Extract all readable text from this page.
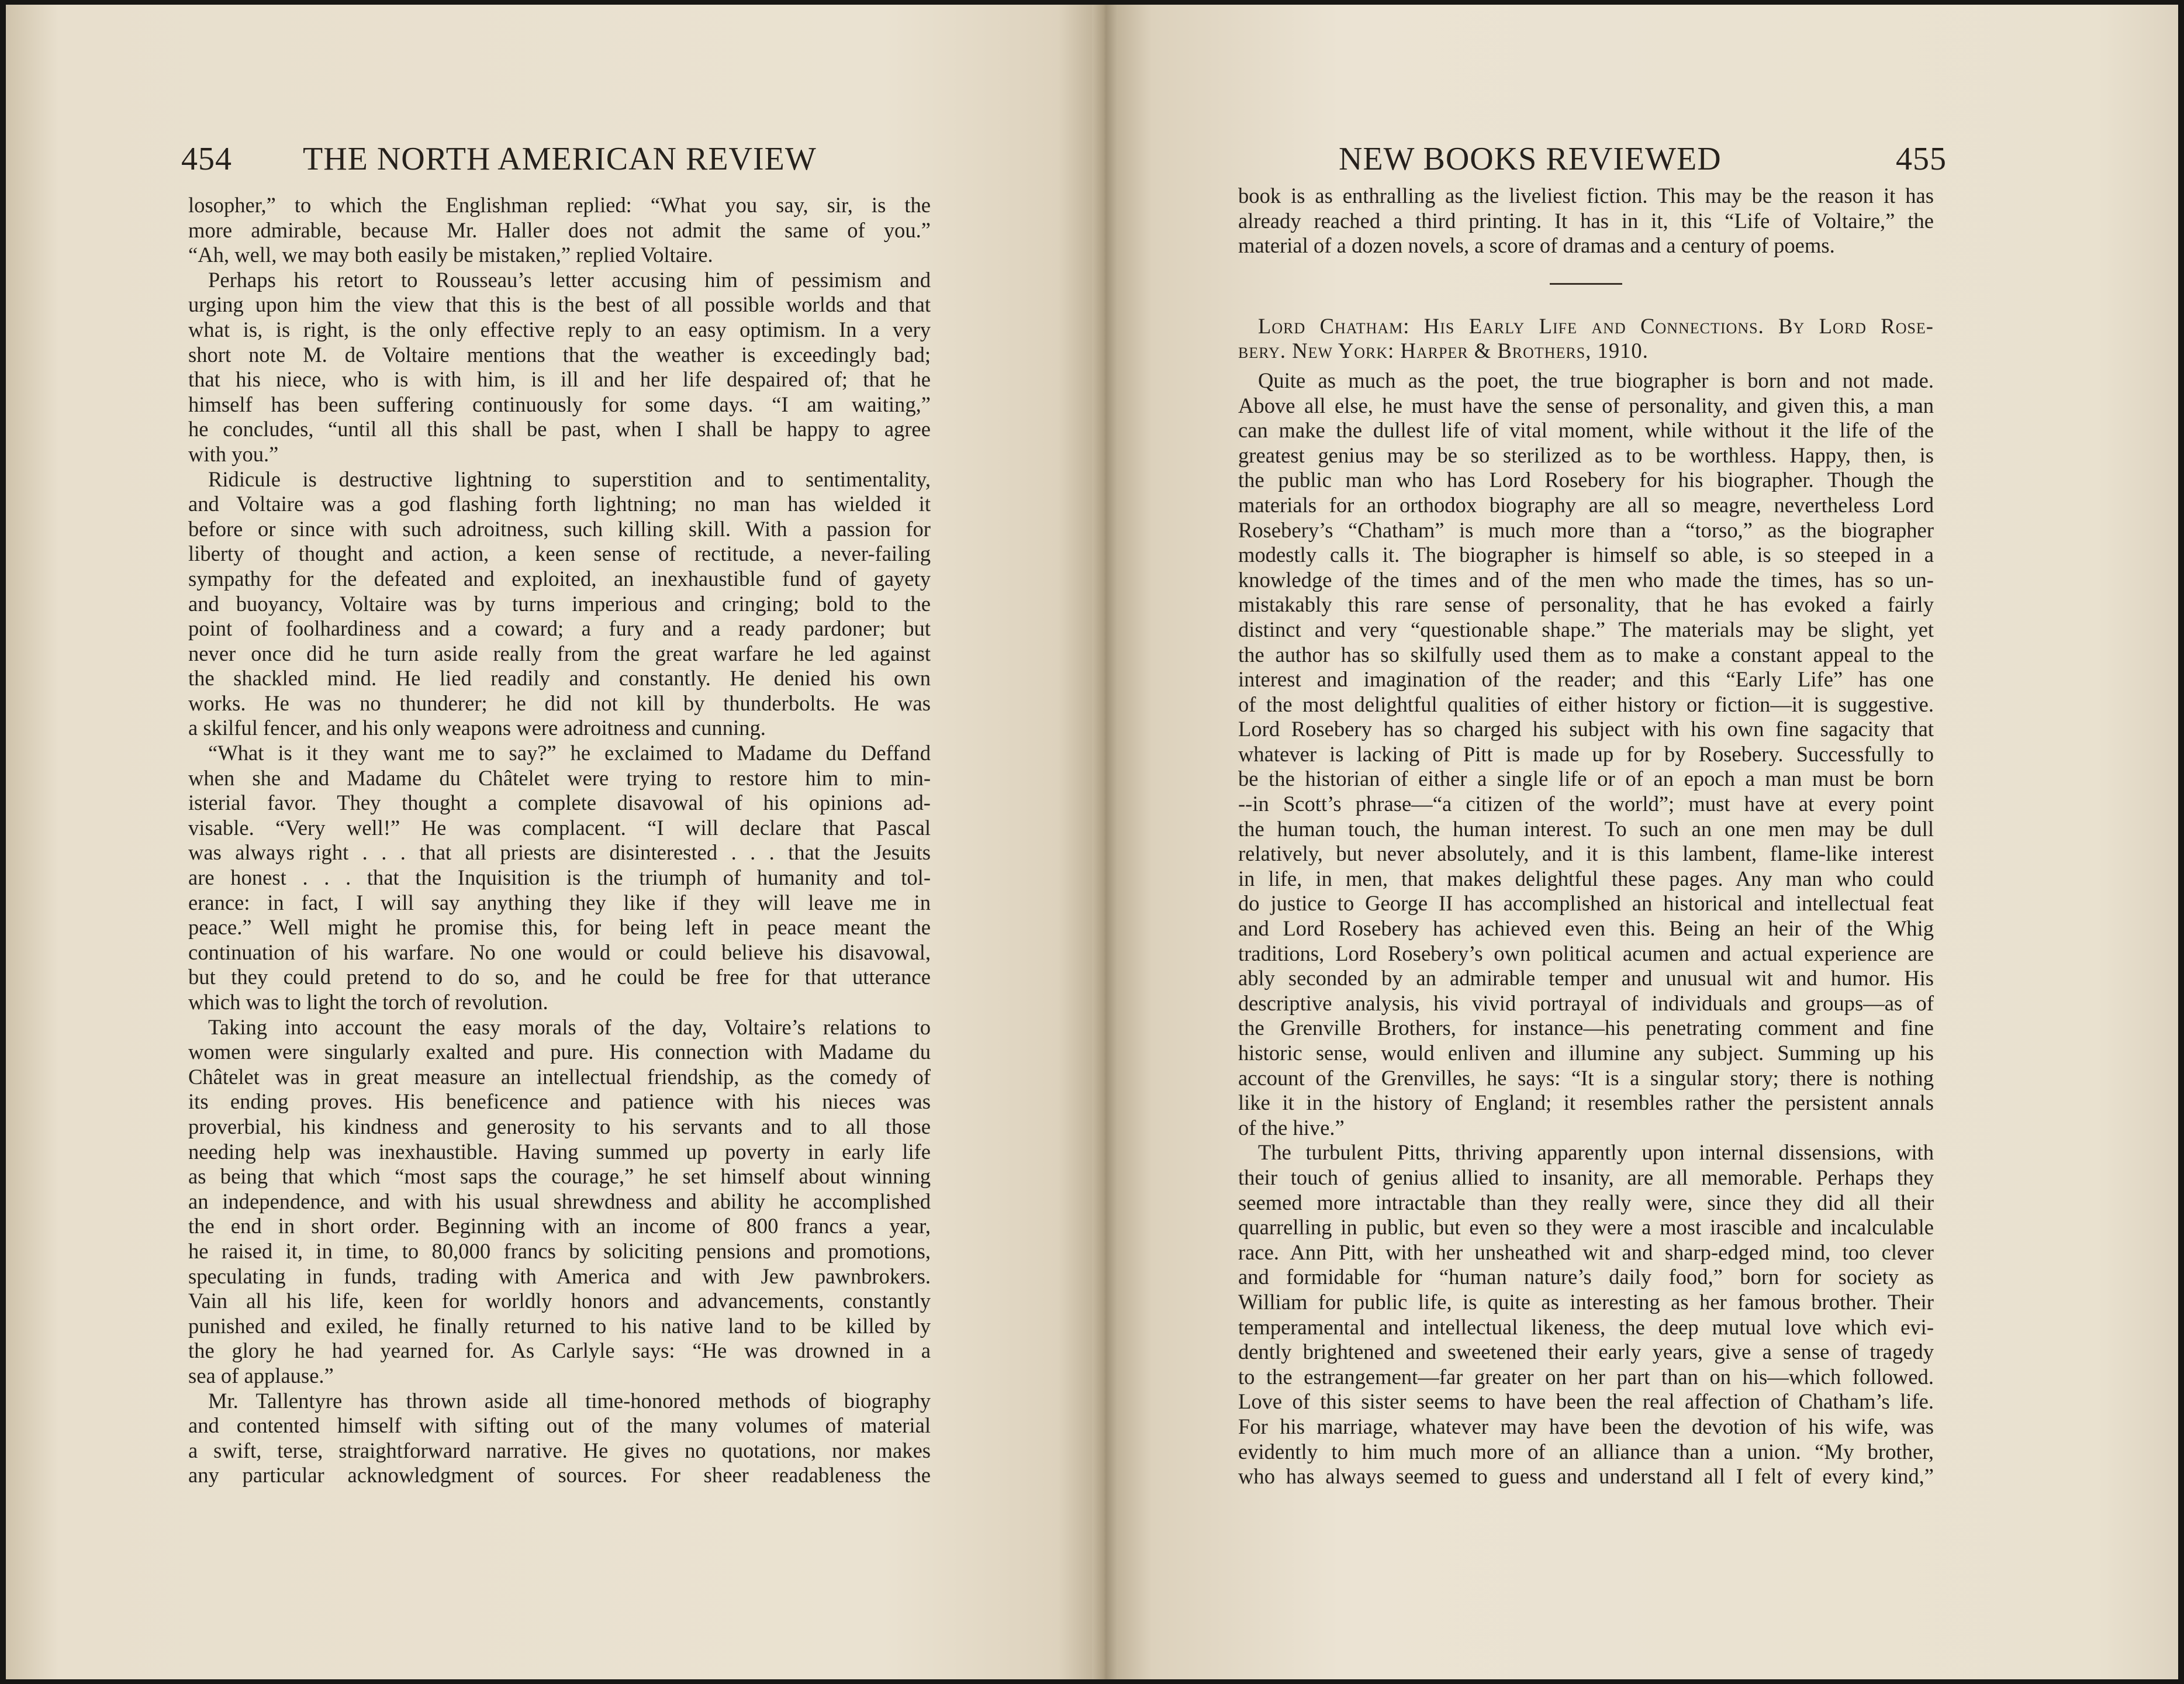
454 THE NORTH AMERICAN REVIEW
losopher,” to which the Englishman replied: “What you say, sir, is the
more admirable, because Mr. Haller does not admit the same of you.”
“Ah, well, we may both easily be mistaken,” replied Voltaire.
Perhaps his retort to Rousseau’s letter accusing him of pessimism and
urging upon him the view that this is the best of all possible worlds and that
what is, is right, is the only effective reply to an easy optimism. In a very
short note M. de Voltaire mentions that the weather is exceedingly bad;
that his niece, who is with him, is ill and her life despaired of; that he
himself has been suffering continuously for some days. “I am waiting,”
he concludes, “until all this shall be past, when I shall be happy to agree
with you.”
Ridicule is destructive lightning to superstition and to sentimentality,
and Voltaire was a god flashing forth lightning; no man has wielded it
before or since with such adroitness, such killing skill. With a passion for
liberty of thought and action, a keen sense of rectitude, a never-failing
sympathy for the defeated and exploited, an inexhaustible fund of gayety
and buoyancy, Voltaire was by turns imperious and cringing; bold to the
point of foolhardiness and a coward; a fury and a ready pardoner; but
never once did he turn aside really from the great warfare he led against
the shackled mind. He lied readily and constantly. He denied his own
works. He was no thunderer; he did not kill by thunderbolts. He was
a skilful fencer, and his only weapons were adroitness and cunning.
“What is it they want me to say?” he exclaimed to Madame du Deffand
when she and Madame du Châtelet were trying to restore him to min-
isterial favor. They thought a complete disavowal of his opinions ad-
visable. “Very well!” He was complacent. “I will declare that Pascal
was always right . . . that all priests are disinterested . . . that the Jesuits
are honest . . . that the Inquisition is the triumph of humanity and tol-
erance: in fact, I will say anything they like if they will leave me in
peace.” Well might he promise this, for being left in peace meant the
continuation of his warfare. No one would or could believe his disavowal,
but they could pretend to do so, and he could be free for that utterance
which was to light the torch of revolution.
Taking into account the easy morals of the day, Voltaire’s relations to
women were singularly exalted and pure. His connection with Madame du
Châtelet was in great measure an intellectual friendship, as the comedy of
its ending proves. His beneficence and patience with his nieces was
proverbial, his kindness and generosity to his servants and to all those
needing help was inexhaustible. Having summed up poverty in early life
as being that which “most saps the courage,” he set himself about winning
an independence, and with his usual shrewdness and ability he accomplished
the end in short order. Beginning with an income of 800 francs a year,
he raised it, in time, to 80,000 francs by soliciting pensions and promotions,
speculating in funds, trading with America and with Jew pawnbrokers.
Vain all his life, keen for worldly honors and advancements, constantly
punished and exiled, he finally returned to his native land to be killed by
the glory he had yearned for. As Carlyle says: “He was drowned in a
sea of applause.”
Mr. Tallentyre has thrown aside all time-honored methods of biography
and contented himself with sifting out of the many volumes of material
a swift, terse, straightforward narrative. He gives no quotations, nor makes
any particular acknowledgment of sources. For sheer readableness the
NEW BOOKS REVIEWED	455
book is as enthralling as the liveliest fiction. This may be the reason it has
already reached a third printing. It has in it, this “Life of Voltaire,” the
material of a dozen novels, a score of dramas and a century of poems.
Lord Chatham: His Early Life and Connections. By Lord Rose-
bery. New York: Harper & Brothers, 1910.
Quite as much as the poet, the true biographer is born and not made.
Above all else, he must have the sense of personality, and given this, a man
can make the dullest life of vital moment, while without it the life of the
greatest genius may be so sterilized as to be worthless. Happy, then, is
the public man who has Lord Rosebery for his biographer. Though the
materials for an orthodox biography are all so meagre, nevertheless Lord
Rosebery’s “Chatham” is much more than a “torso,” as the biographer
modestly calls it. The biographer is himself so able, is so steeped in a
knowledge of the times and of the men who made the times, has so un-
mistakably this rare sense of personality, that he has evoked a fairly
distinct and very “questionable shape.” The materials may be slight, yet
the author has so skilfully used them as to make a constant appeal to the
interest and imagination of the reader; and this “Early Life” has one
of the most delightful qualities of either history or fiction—it is suggestive.
Lord Rosebery has so charged his subject with his own fine sagacity that
whatever is lacking of Pitt is made up for by Rosebery. Successfully to
be the historian of either a single life or of an epoch a man must be born
--in Scott’s phrase—“a citizen of the world”; must have at every point
the human touch, the human interest. To such an one men may be dull
relatively, but never absolutely, and it is this lambent, flame-like interest
in life, in men, that makes delightful these pages. Any man who could
do justice to George II has accomplished an historical and intellectual feat
and Lord Rosebery has achieved even this. Being an heir of the Whig
traditions, Lord Rosebery’s own political acumen and actual experience are
ably seconded by an admirable temper and unusual wit and humor. His
descriptive analysis, his vivid portrayal of individuals and groups—as of
the Grenville Brothers, for instance—his penetrating comment and fine
historic sense, would enliven and illumine any subject. Summing up his
account of the Grenvilles, he says: “It is a singular story; there is nothing
like it in the history of England; it resembles rather the persistent annals
of the hive.”
The turbulent Pitts, thriving apparently upon internal dissensions, with
their touch of genius allied to insanity, are all memorable. Perhaps they
seemed more intractable than they really were, since they did all their
quarrelling in public, but even so they were a most irascible and incalculable
race. Ann Pitt, with her unsheathed wit and sharp-edged mind, too clever
and formidable for “human nature’s daily food,” born for society as
William for public life, is quite as interesting as her famous brother. Their
temperamental and intellectual likeness, the deep mutual love which evi-
dently brightened and sweetened their early years, give a sense of tragedy
to the estrangement—far greater on her part than on his—which followed.
Love of this sister seems to have been the real affection of Chatham’s life.
For his marriage, whatever may have been the devotion of his wife, was
evidently to him much more of an alliance than a union. “My brother,
who has always seemed to guess and understand all I felt of every kind,”
